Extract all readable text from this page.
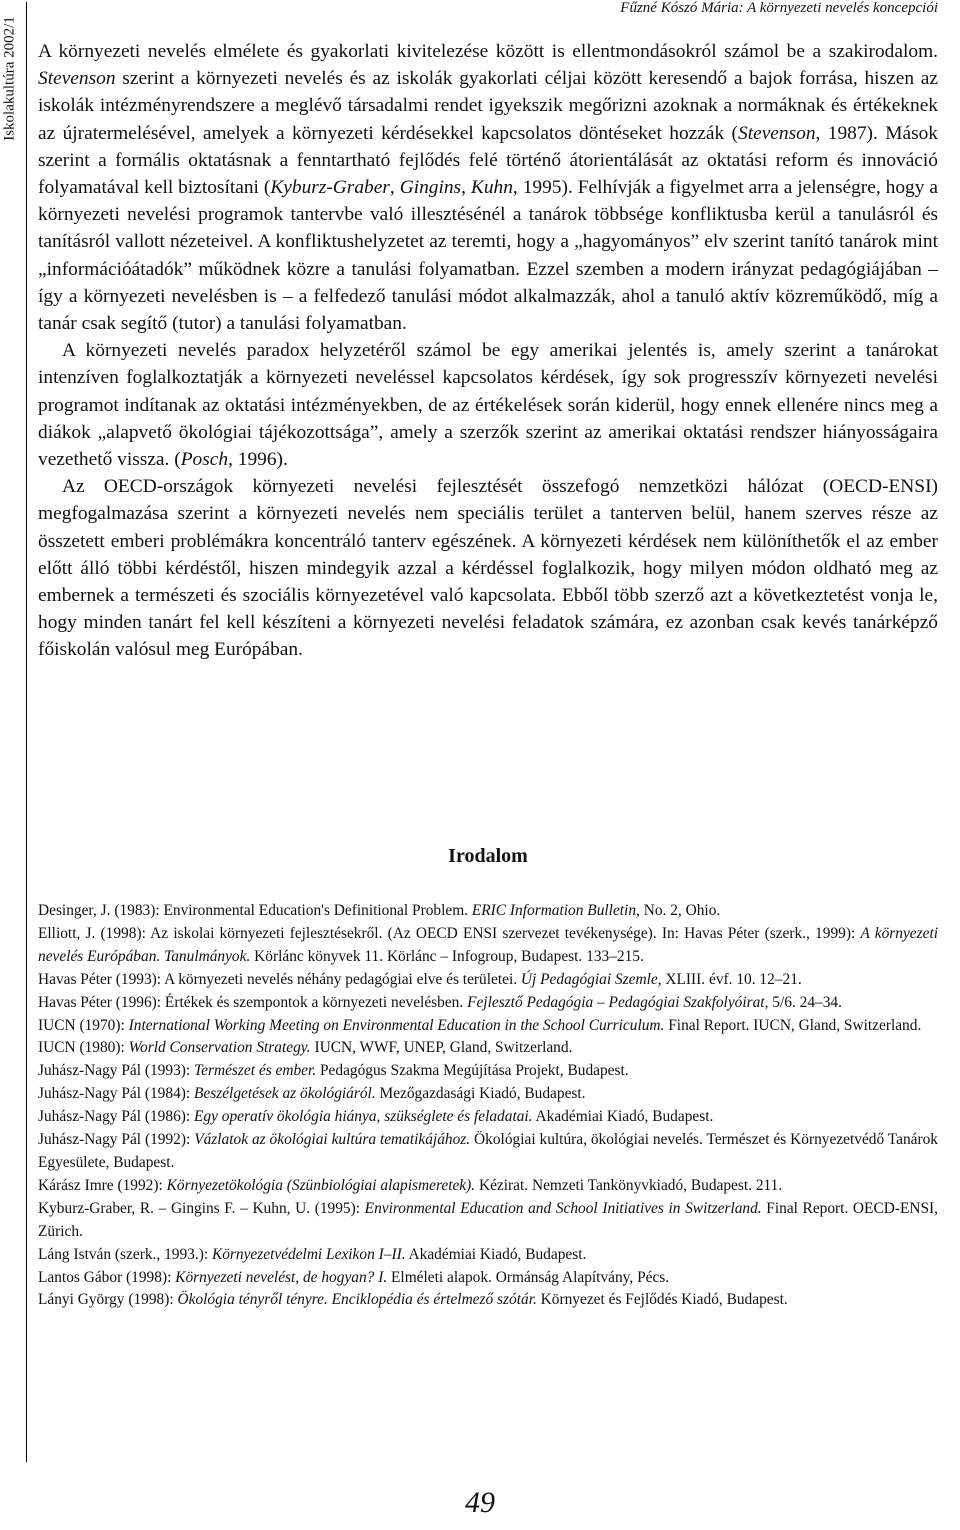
Iskolakultúra 2002/1
Fűzné Kószó Mária: A környezeti nevelés koncepciói

A környezeti nevelés elmélete és gyakorlati kivitelezése között is ellentmondásokról számol be a szakirodalom. Stevenson szerint a környezeti nevelés és az iskolák gyakorlati céljai között keresendő a bajok forrása, hiszen az iskolák intézményrendszere a meglévő társadalmi rendet igyekszik megőrizni azoknak a normáknak és értékeknek az újratermelésével, amelyek a környezeti kérdésekkel kapcsolatos döntéseket hozzák (Stevenson, 1987). Mások szerint a formális oktatásnak a fenntartható fejlődés felé történő átorientálását az oktatási reform és innováció folyamatával kell biztosítani (Kyburz-Graber, Gingins, Kuhn, 1995). Felhívják a figyelmet arra a jelenségre, hogy a környezeti nevelési programok tantervbe való illesztésénél a tanárok többsége konfliktusba kerül a tanulásról és tanításról vallott nézeteivel. A konfliktushelyzetet az teremti, hogy a „hagyományos” elv szerint tanító tanárok mint „információátadók” működnek közre a tanulási folyamatban. Ezzel szemben a modern irányzat pedagógiájában – így a környezeti nevelésben is – a felfedező tanulási módot alkalmazzák, ahol a tanuló aktív közreműködő, míg a tanár csak segítő (tutor) a tanulási folyamatban.

A környezeti nevelés paradox helyzetéről számol be egy amerikai jelentés is, amely szerint a tanárokat intenzíven foglalkoztatják a környezeti neveléssel kapcsolatos kérdések, így sok progresszív környezeti nevelési programot indítanak az oktatási intézményekben, de az értékelések során kiderül, hogy ennek ellenére nincs meg a diákok „alapvető ökológiai tájékozottsága”, amely a szerzők szerint az amerikai oktatási rendszer hiányosságaira vezethető vissza. (Posch, 1996).

Az OECD-országok környezeti nevelési fejlesztését összefogó nemzetközi hálózat (OECD-ENSI) megfogalmazása szerint a környezeti nevelés nem speciális terület a tanterven belül, hanem szerves része az összetett emberi problémákra koncentráló tanterv egészének. A környezeti kérdések nem különíthetők el az ember előtt álló többi kérdéstől, hiszen mindegyik azzal a kérdéssel foglalkozik, hogy milyen módon oldható meg az embernek a természeti és szociális környezetével való kapcsolata. Ebből több szerző azt a következtetést vonja le, hogy minden tanárt fel kell készíteni a környezeti nevelési feladatok számára, ez azonban csak kevés tanárképző főiskolán valósul meg Európában.

Irodalom

Desinger, J. (1983): Environmental Education's Definitional Problem. ERIC Information Bulletin, No. 2, Ohio.

Elliott, J. (1998): Az iskolai környezeti fejlesztésekről. (Az OECD ENSI szervezet tevékenysége). In: Havas Péter (szerk., 1999): A környezeti nevelés Európában. Tanulmányok. Körlánc könyvek 11. Körlánc – Infogroup, Budapest. 133–215.

Havas Péter (1993): A környezeti nevelés néhány pedagógiai elve és területei. Új Pedagógiai Szemle, XLIII. évf. 10. 12–21.

Havas Péter (1996): Értékek és szempontok a környezeti nevelésben. Fejlesztő Pedagógia – Pedagógiai Szakfolyóirat, 5/6. 24–34.

IUCN (1970): International Working Meeting on Environmental Education in the School Curriculum. Final Report. IUCN, Gland, Switzerland.

IUCN (1980): World Conservation Strategy. IUCN, WWF, UNEP, Gland, Switzerland.

Juhász-Nagy Pál (1993): Természet és ember. Pedagógus Szakma Megújítása Projekt, Budapest.

Juhász-Nagy Pál (1984): Beszélgetések az ökológiáról. Mezőgazdasági Kiadó, Budapest.

Juhász-Nagy Pál (1986): Egy operatív ökológia hiánya, szükséglete és feladatai. Akadémiai Kiadó, Budapest.

Juhász-Nagy Pál (1992): Vázlatok az ökológiai kultúra tematikájához. Ökológiai kultúra, ökológiai nevelés. Természet és Környezetvédő Tanárok Egyesülete, Budapest.

Kárász Imre (1992): Környezetökológia (Szünbiológiai alapismeretek). Kézirat. Nemzeti Tankönyvkiadó, Budapest. 211.

Kyburz-Graber, R. – Gingins F. – Kuhn, U. (1995): Environmental Education and School Initiatives in Switzerland. Final Report. OECD-ENSI, Zürich.

Láng István (szerk., 1993.): Környezetvédelmi Lexikon I–II. Akadémiai Kiadó, Budapest.

Lantos Gábor (1998): Környezeti nevelést, de hogyan? I. Elméleti alapok. Ormánság Alapítvány, Pécs.

Lányi György (1998): Ökológia tényről tényre. Enciklopédia és értelmező szótár. Környezet és Fejlődés Kiadó, Budapest.

49
